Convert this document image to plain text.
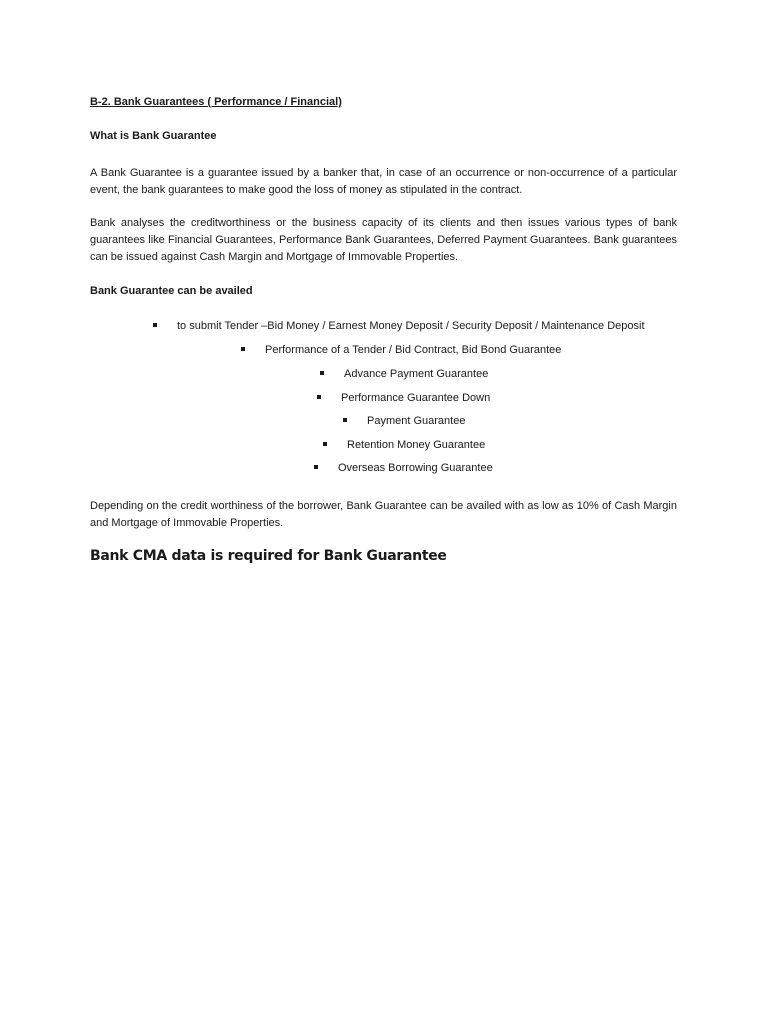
B-2. Bank Guarantees ( Performance / Financial)
What is Bank Guarantee
A Bank Guarantee is a guarantee issued by a banker that, in case of an occurrence or non-occurrence of a particular event, the bank guarantees to make good the loss of money as stipulated in the contract.
Bank analyses the creditworthiness or the business capacity of its clients and then issues various types of bank guarantees like Financial Guarantees, Performance Bank Guarantees, Deferred Payment Guarantees. Bank guarantees can be issued against Cash Margin and Mortgage of Immovable Properties.
Bank Guarantee can be availed
to submit Tender –Bid Money / Earnest Money Deposit / Security Deposit / Maintenance Deposit
Performance of a Tender / Bid Contract, Bid Bond Guarantee
Advance Payment Guarantee
Performance Guarantee Down
Payment Guarantee
Retention Money Guarantee
Overseas Borrowing Guarantee
Depending on the credit worthiness of the borrower, Bank Guarantee can be availed with as low as 10% of Cash Margin and Mortgage of Immovable Properties.
Bank CMA data is required for Bank Guarantee
